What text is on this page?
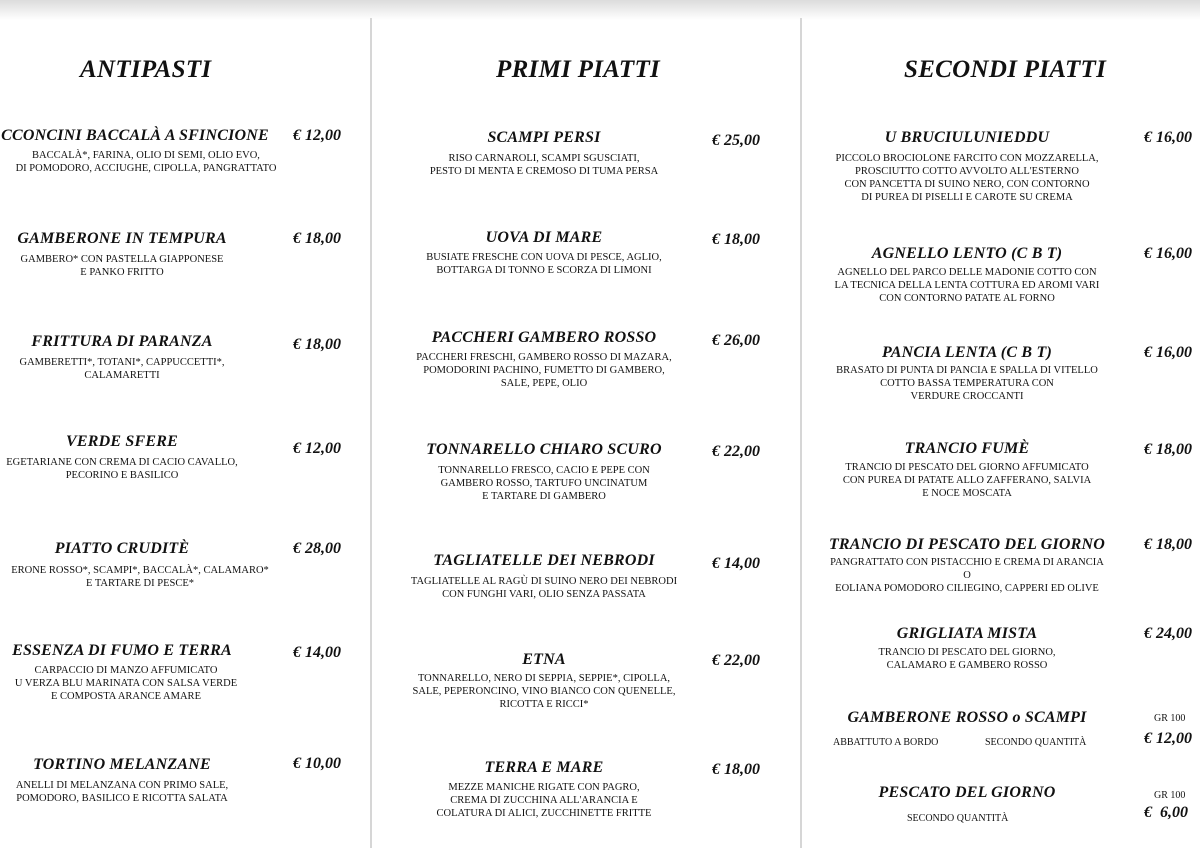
ANTIPASTI
CCONCINI BACCALÀ A SFINCIONE € 12,00
BACCALÀ*, FARINA, OLIO DI SEMI, OLIO EVO,
DI POMODORO, ACCIUGHE, CIPOLLA, PANGRATTATO
GAMBERONE IN TEMPURA	€ 18,00
GAMBERO* CON PASTELLA GIAPPONESE
E PANKO FRITTO
FRITTURA DI PARANZA	€ 18,00
GAMBERETTI*, TOTANI*, CAPPUCCETTI*,
CALAMARETTI
VERDE SFERE	€ 12,00
EGETARIANE CON CREMA DI CACIO CAVALLO,
PECORINO E BASILICO
PIATTO CRUDITÈ	€ 28,00
ERONE ROSSO*, SCAMPI*, BACCALÀ*, CALAMARO*
E TARTARE DI PESCE*
ESSENZA DI FUMO E TERRA	€ 14,00
CARPACCIO DI MANZO AFFUMICATO
U VERZA BLU MARINATA CON SALSA VERDE
E COMPOSTA ARANCE AMARE
TORTINO MELANZANE	€ 10,00
ANELLI DI MELANZANA CON PRIMO SALE,
POMODORO, BASILICO E RICOTTA SALATA
PRIMI PIATTI
SCAMPI PERSI	€ 25,00
RISO CARNAROLI, SCAMPI SGUSCIATI,
PESTO DI MENTA E CREMOSO DI TUMA PERSA
UOVA DI MARE	€ 18,00
BUSIATE FRESCHE CON UOVA DI PESCE, AGLIO,
BOTTARGA DI TONNO E SCORZA DI LIMONI
PACCHERI GAMBERO ROSSO	€ 26,00
PACCHERI FRESCHI, GAMBERO ROSSO DI MAZARA,
POMODORINI PACHINO, FUMETTO DI GAMBERO,
SALE, PEPE, OLIO
TONNARELLO CHIARO SCURO	€ 22,00
TONNARELLO FRESCO, CACIO E PEPE CON
GAMBERO ROSSO, TARTUFO UNCINATUM
E TARTARE DI GAMBERO
TAGLIATELLE DEI NEBRODI	€ 14,00
TAGLIATELLE AL RAGÙ DI SUINO NERO DEI NEBRODI
CON FUNGHI VARI, OLIO SENZA PASSATA
ETNA	€ 22,00
TONNARELLO, NERO DI SEPPIA, SEPPIE*, CIPOLLA,
SALE, PEPERONCINO, VINO BIANCO CON QUENELLE,
RICOTTA E RICCI*
TERRA E MARE	€ 18,00
MEZZE MANICHE RIGATE CON PAGRO,
CREMA DI ZUCCHINA ALL'ARANCIA E
COLATURA DI ALICI, ZUCCHINETTE FRITTE
SECONDI PIATTI
U BRUCIULUNIEDDU	€ 16,00
PICCOLO BROCIOLONE FARCITO CON MOZZARELLA,
PROSCIUTTO COTTO AVVOLTO ALL'ESTERNO
CON PANCETTA DI SUINO NERO, CON CONTORNO
DI PUREA DI PISELLI E CAROTE SU CREMA
AGNELLO LENTO (C B T)	€ 16,00
AGNELLO DEL PARCO DELLE MADONIE COTTO CON
LA TECNICA DELLA LENTA COTTURA ED AROMI VARI
CON CONTORNO PATATE AL FORNO
PANCIA LENTA (C B T)	€ 16,00
BRASATO DI PUNTA DI PANCIA E SPALLA DI VITELLO
COTTO BASSA TEMPERATURA CON
VERDURE CROCCANTI
TRANCIO FUMÈ	€ 18,00
TRANCIO DI PESCATO DEL GIORNO AFFUMICATO
CON PUREA DI PATATE ALLO ZAFFERANO, SALVIA
E NOCE MOSCATA
TRANCIO DI PESCATO DEL GIORNO € 18,00
PANGRATTATO CON PISTACCHIO E CREMA DI ARANCIA
O
EOLIANA POMODORO CILIEGINO, CAPPERI ED OLIVE
GRIGLIATA MISTA	€ 24,00
TRANCIO DI PESCATO DEL GIORNO,
CALAMARO E GAMBERO ROSSO
GAMBERONE ROSSO o SCAMPI	GR 100
ABBATTUTO A BORDO	SECONDO QUANTITÀ	€ 12,00
PESCATO DEL GIORNO	GR 100
SECONDO QUANTITÀ	€  6,00
